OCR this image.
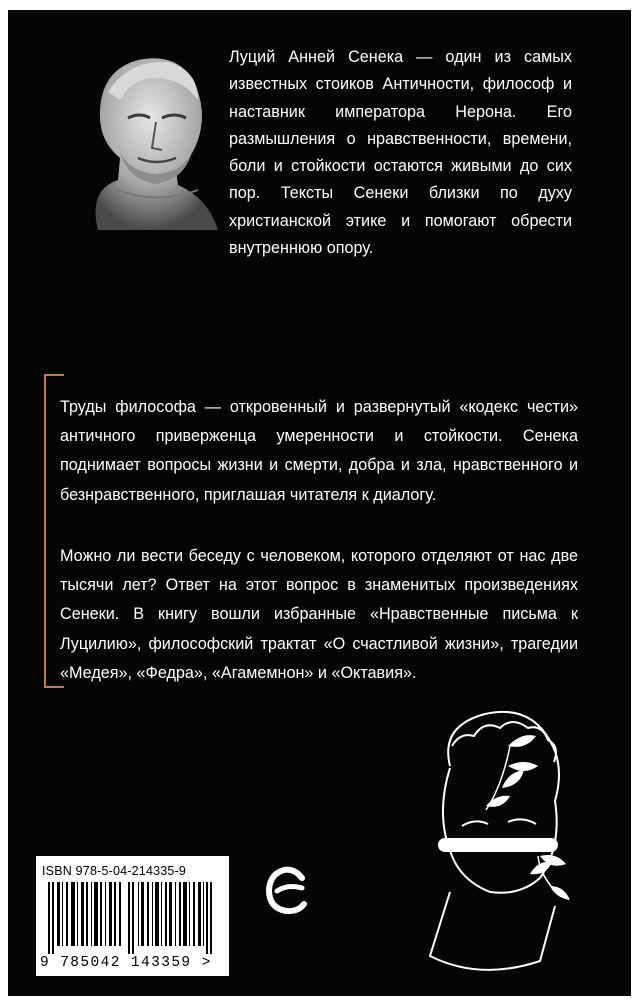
Луций Анней Сенека — один из самых известных стоиков Античности, философ и наставник императора Нерона. Его размышления о нравственности, времени, боли и стойкости остаются живыми до сих пор. Тексты Сенеки близки по духу христианской этике и помогают обрести внутреннюю опору.

Труды философа — откровенный и развернутый «кодекс чести» античного приверженца умеренности и стойкости. Сенека поднимает вопросы жизни и смерти, добра и зла, нравственного и безнравственного, приглашая читателя к диалогу.

Можно ли вести беседу с человеком, которого отделяют от нас две тысячи лет? Ответ на этот вопрос в знаменитых произведениях Сенеки. В книгу вошли избранные «Нравственные письма к Луцилию», философский трактат «О счастливой жизни», трагедии «Медея», «Федра», «Агамемнон» и «Октавия».

ISBN 978-5-04-214335-9
9 785042 143359 >
